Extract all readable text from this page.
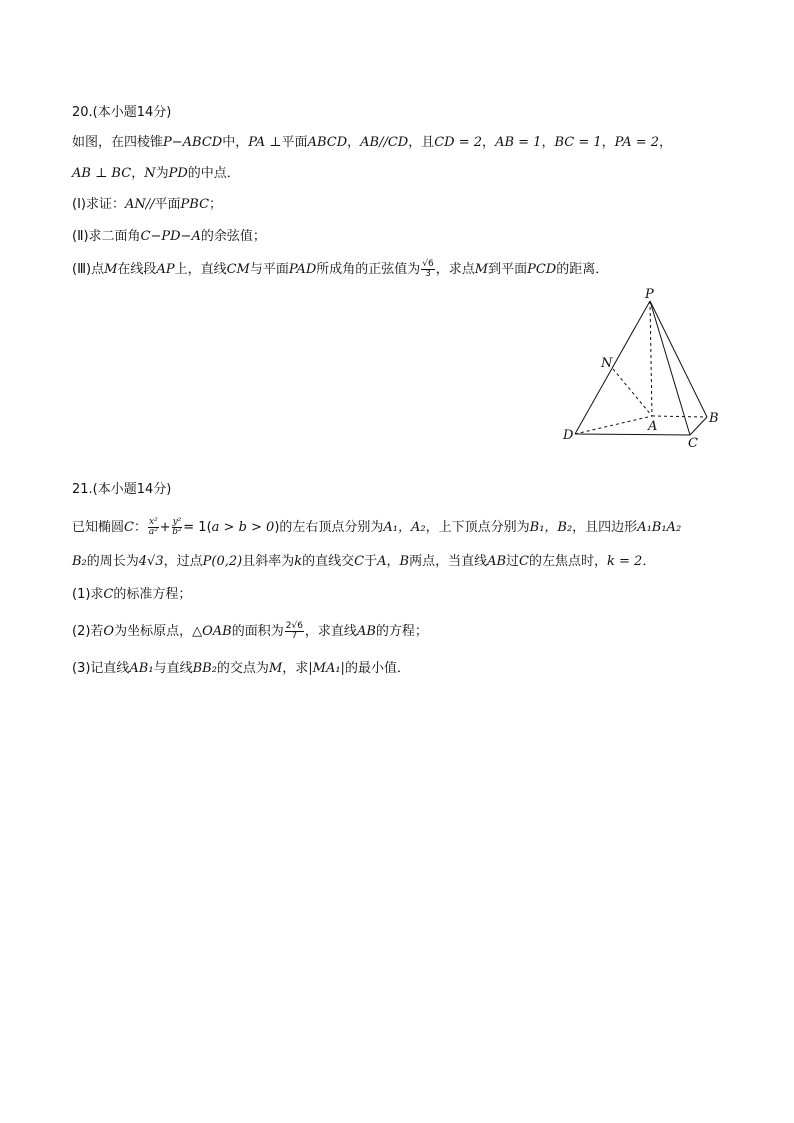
20.(本小题14分)
如图，在四棱锥P−ABCD中，PA ⊥平面ABCD，AB//CD，且CD = 2，AB = 1，BC = 1，PA = 2，
AB ⊥ BC，N为PD的中点．
(Ⅰ)求证：AN//平面PBC；
(Ⅱ)求二面角C−PD−A的余弦值；
(Ⅲ)点M在线段AP上，直线CM与平面PAD所成角的正弦值为 $\frac{√6}{3}$ ，求点M到平面PCD的距离．
P
N
A
B
C
D
21.(本小题14分)
已知椭圆C： $\frac{\text{x²}}{\text{a²}} + \frac{\text{y²}}{\text{b²}} = 1(a > b > 0)$的左右顶点分别为A₁，A₂，上下顶点分别为B₁，B₂，且四边形A₁B₁A₂
B₂的周长为4√3，过点P(0,2)且斜率为k的直线交C于A，B两点，当直线AB过C的左焦点时，k = 2．
(1)求C的标准方程；
(2)若O为坐标原点，△OAB的面积为 $\frac{2√6}{7}$ ，求直线AB的方程；
(3)记直线AB₁与直线BB₂的交点为M，求|MA₁|的最小值．
